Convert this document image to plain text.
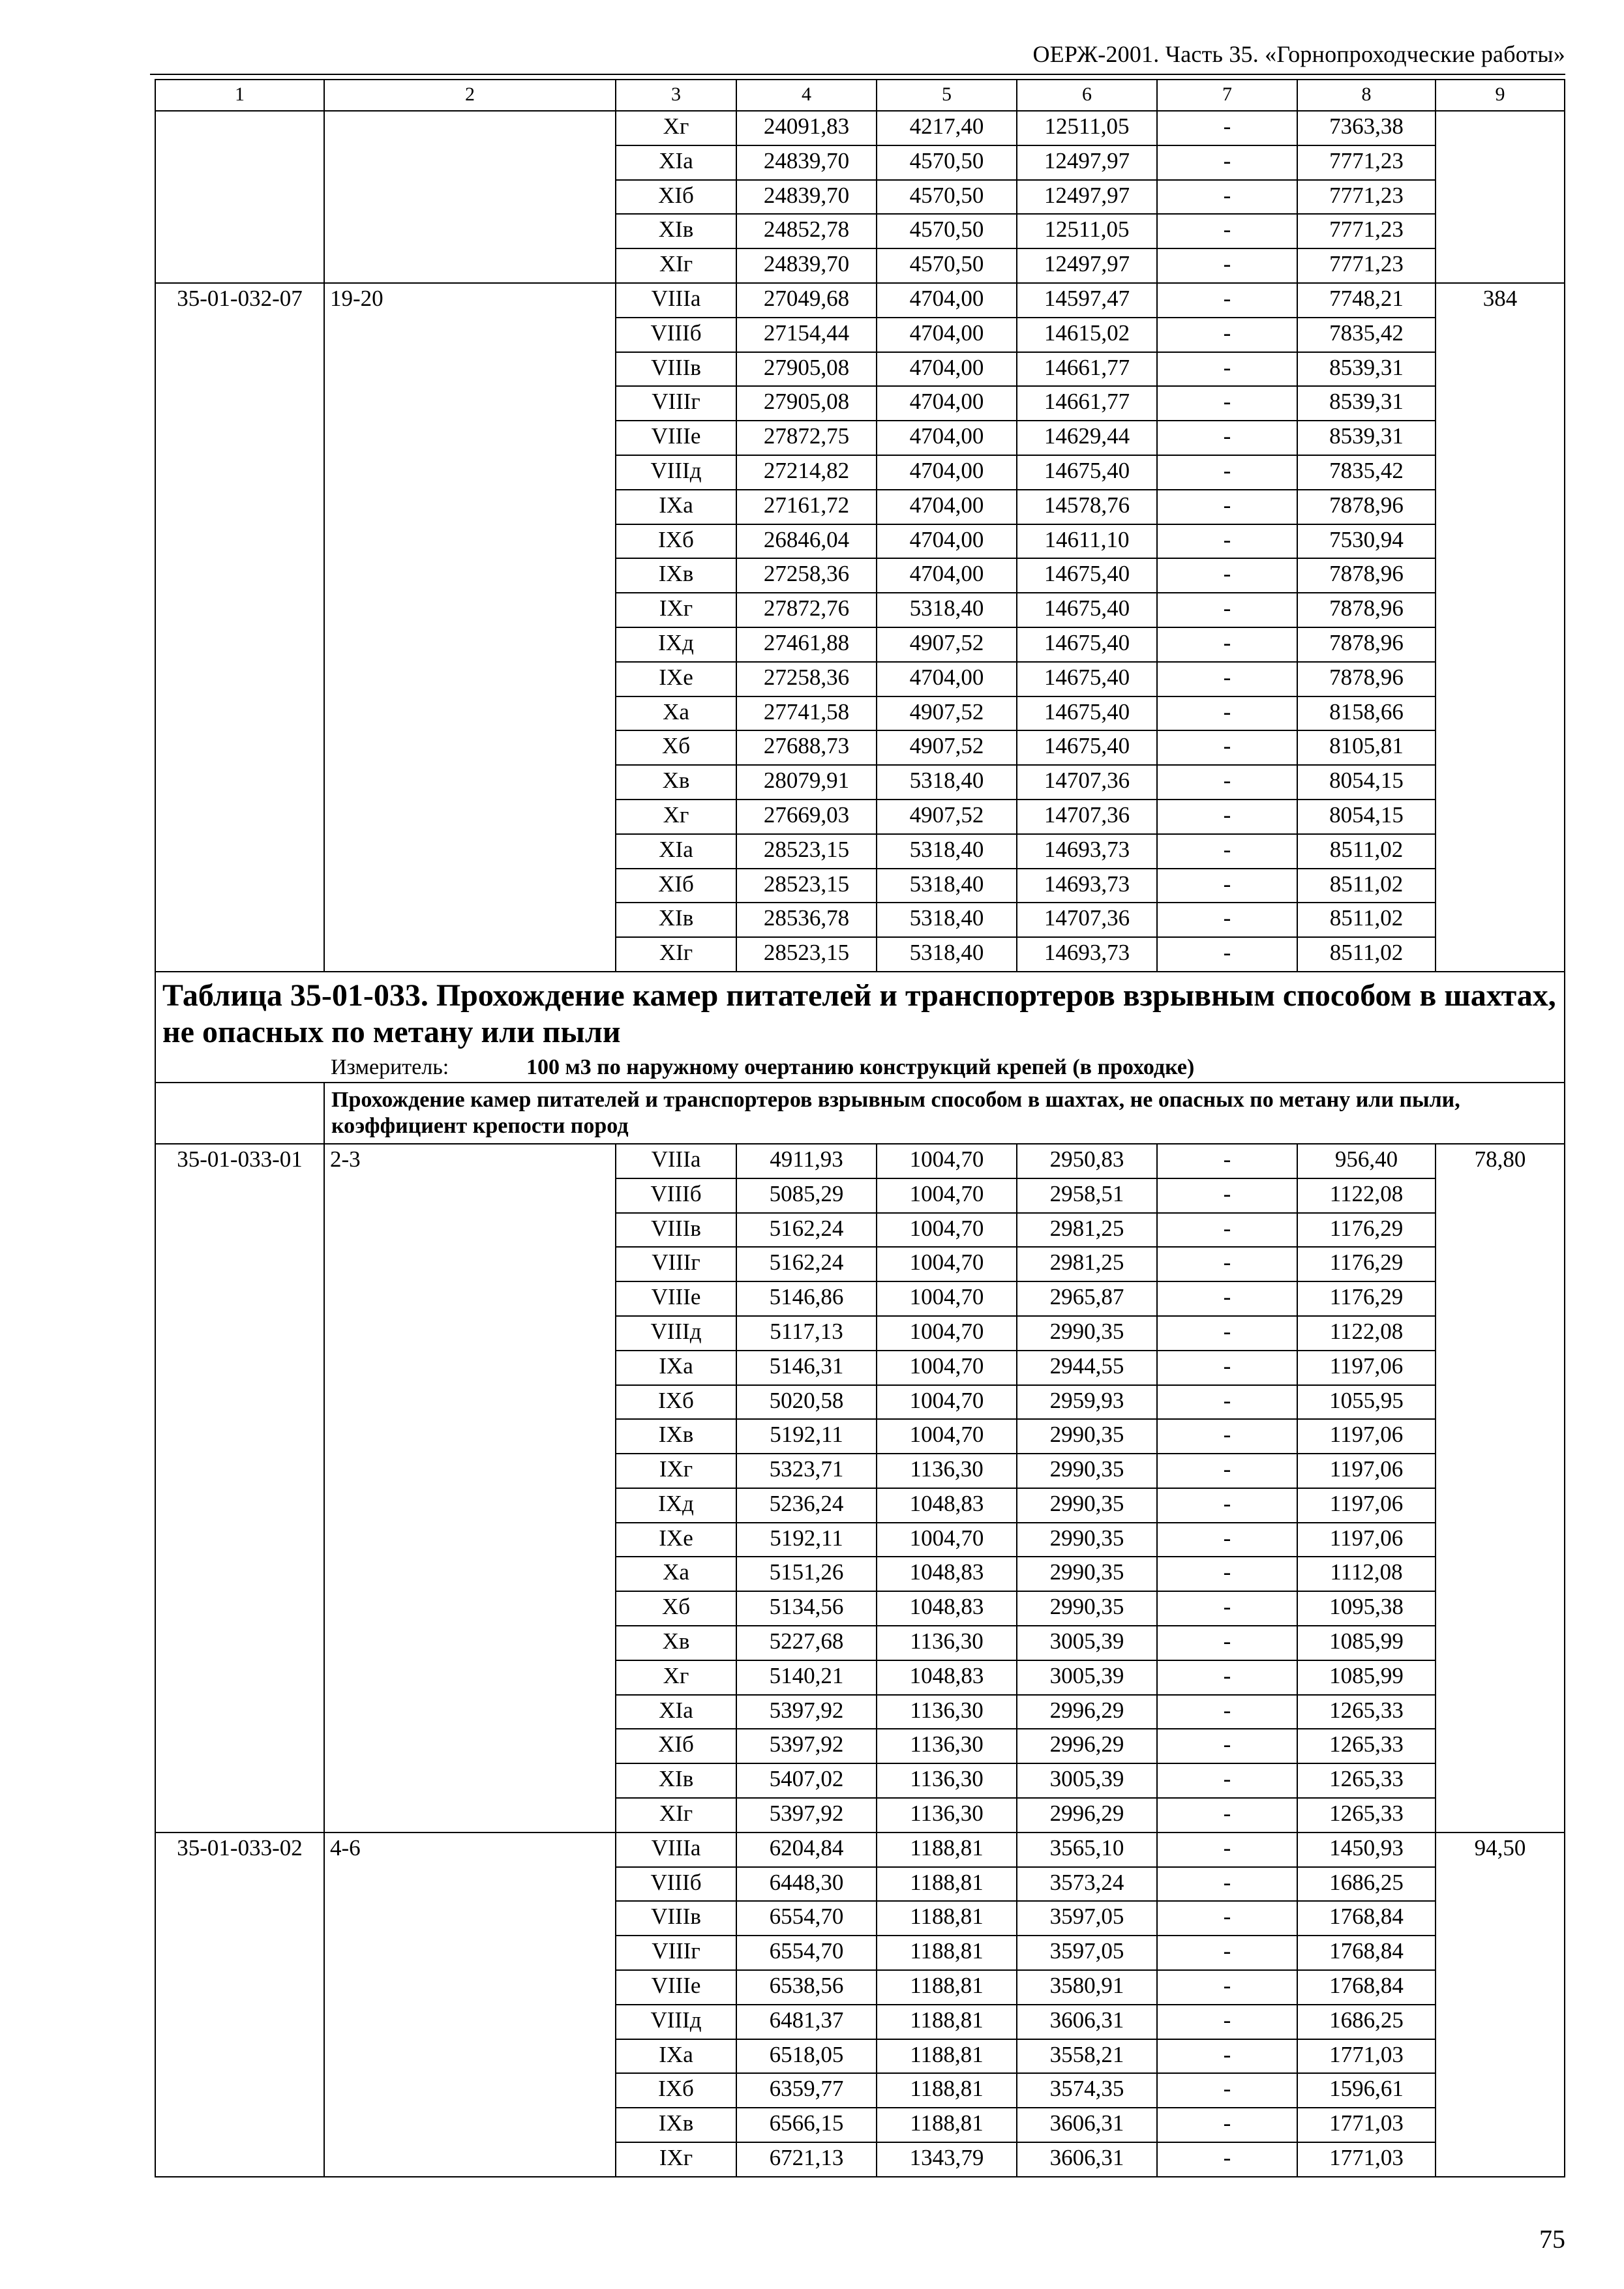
ОЕРЖ-2001. Часть 35. «Горнопроходческие работы»
1	2	3	4	5	6	7	8	9
		Хг	24091,83	4217,40	12511,05	-	7363,38	
		ХIа	24839,70	4570,50	12497,97	-	7771,23	
		ХIб	24839,70	4570,50	12497,97	-	7771,23	
		ХIв	24852,78	4570,50	12511,05	-	7771,23	
		ХIг	24839,70	4570,50	12497,97	-	7771,23	
35-01-032-07	19-20	VIIIа	27049,68	4704,00	14597,47	-	7748,21	384
		VIIIб	27154,44	4704,00	14615,02	-	7835,42	
		VIIIв	27905,08	4704,00	14661,77	-	8539,31	
		VIIIг	27905,08	4704,00	14661,77	-	8539,31	
		VIIIе	27872,75	4704,00	14629,44	-	8539,31	
		VIIIд	27214,82	4704,00	14675,40	-	7835,42	
		IХа	27161,72	4704,00	14578,76	-	7878,96	
		IХб	26846,04	4704,00	14611,10	-	7530,94	
		IХв	27258,36	4704,00	14675,40	-	7878,96	
		IХг	27872,76	5318,40	14675,40	-	7878,96	
		IХд	27461,88	4907,52	14675,40	-	7878,96	
		IХе	27258,36	4704,00	14675,40	-	7878,96	
		Ха	27741,58	4907,52	14675,40	-	8158,66	
		Хб	27688,73	4907,52	14675,40	-	8105,81	
		Хв	28079,91	5318,40	14707,36	-	8054,15	
		Хг	27669,03	4907,52	14707,36	-	8054,15	
		ХIа	28523,15	5318,40	14693,73	-	8511,02	
		ХIб	28523,15	5318,40	14693,73	-	8511,02	
		ХIв	28536,78	5318,40	14707,36	-	8511,02	
		ХIг	28523,15	5318,40	14693,73	-	8511,02	

Таблица 35-01-033. Прохождение камер питателей и транспортеров взрывным способом в шахтах, не опасных по метану или пыли
Измеритель: 100 м3 по наружному очертанию конструкций крепей (в проходке)								

	Прохождение камер питателей и транспортеров взрывным способом в шахтах, не опасных по метану или пыли, коэффициент крепости пород							
35-01-033-01	2-3	VIIIа	4911,93	1004,70	2950,83	-	956,40	78,80
		VIIIб	5085,29	1004,70	2958,51	-	1122,08	
		VIIIв	5162,24	1004,70	2981,25	-	1176,29	
		VIIIг	5162,24	1004,70	2981,25	-	1176,29	
		VIIIе	5146,86	1004,70	2965,87	-	1176,29	
		VIIIд	5117,13	1004,70	2990,35	-	1122,08	
		IХа	5146,31	1004,70	2944,55	-	1197,06	
		IХб	5020,58	1004,70	2959,93	-	1055,95	
		IХв	5192,11	1004,70	2990,35	-	1197,06	
		IХг	5323,71	1136,30	2990,35	-	1197,06	
		IХд	5236,24	1048,83	2990,35	-	1197,06	
		IХе	5192,11	1004,70	2990,35	-	1197,06	
		Ха	5151,26	1048,83	2990,35	-	1112,08	
		Хб	5134,56	1048,83	2990,35	-	1095,38	
		Хв	5227,68	1136,30	3005,39	-	1085,99	
		Хг	5140,21	1048,83	3005,39	-	1085,99	
		ХIа	5397,92	1136,30	2996,29	-	1265,33	
		ХIб	5397,92	1136,30	2996,29	-	1265,33	
		ХIв	5407,02	1136,30	3005,39	-	1265,33	
		ХIг	5397,92	1136,30	2996,29	-	1265,33	
35-01-033-02	4-6	VIIIа	6204,84	1188,81	3565,10	-	1450,93	94,50
		VIIIб	6448,30	1188,81	3573,24	-	1686,25	
		VIIIв	6554,70	1188,81	3597,05	-	1768,84	
		VIIIг	6554,70	1188,81	3597,05	-	1768,84	
		VIIIе	6538,56	1188,81	3580,91	-	1768,84	
		VIIIд	6481,37	1188,81	3606,31	-	1686,25	
		IХа	6518,05	1188,81	3558,21	-	1771,03	
		IХб	6359,77	1188,81	3574,35	-	1596,61	
		IХв	6566,15	1188,81	3606,31	-	1771,03	
		IХг	6721,13	1343,79	3606,31	-	1771,03	
75
